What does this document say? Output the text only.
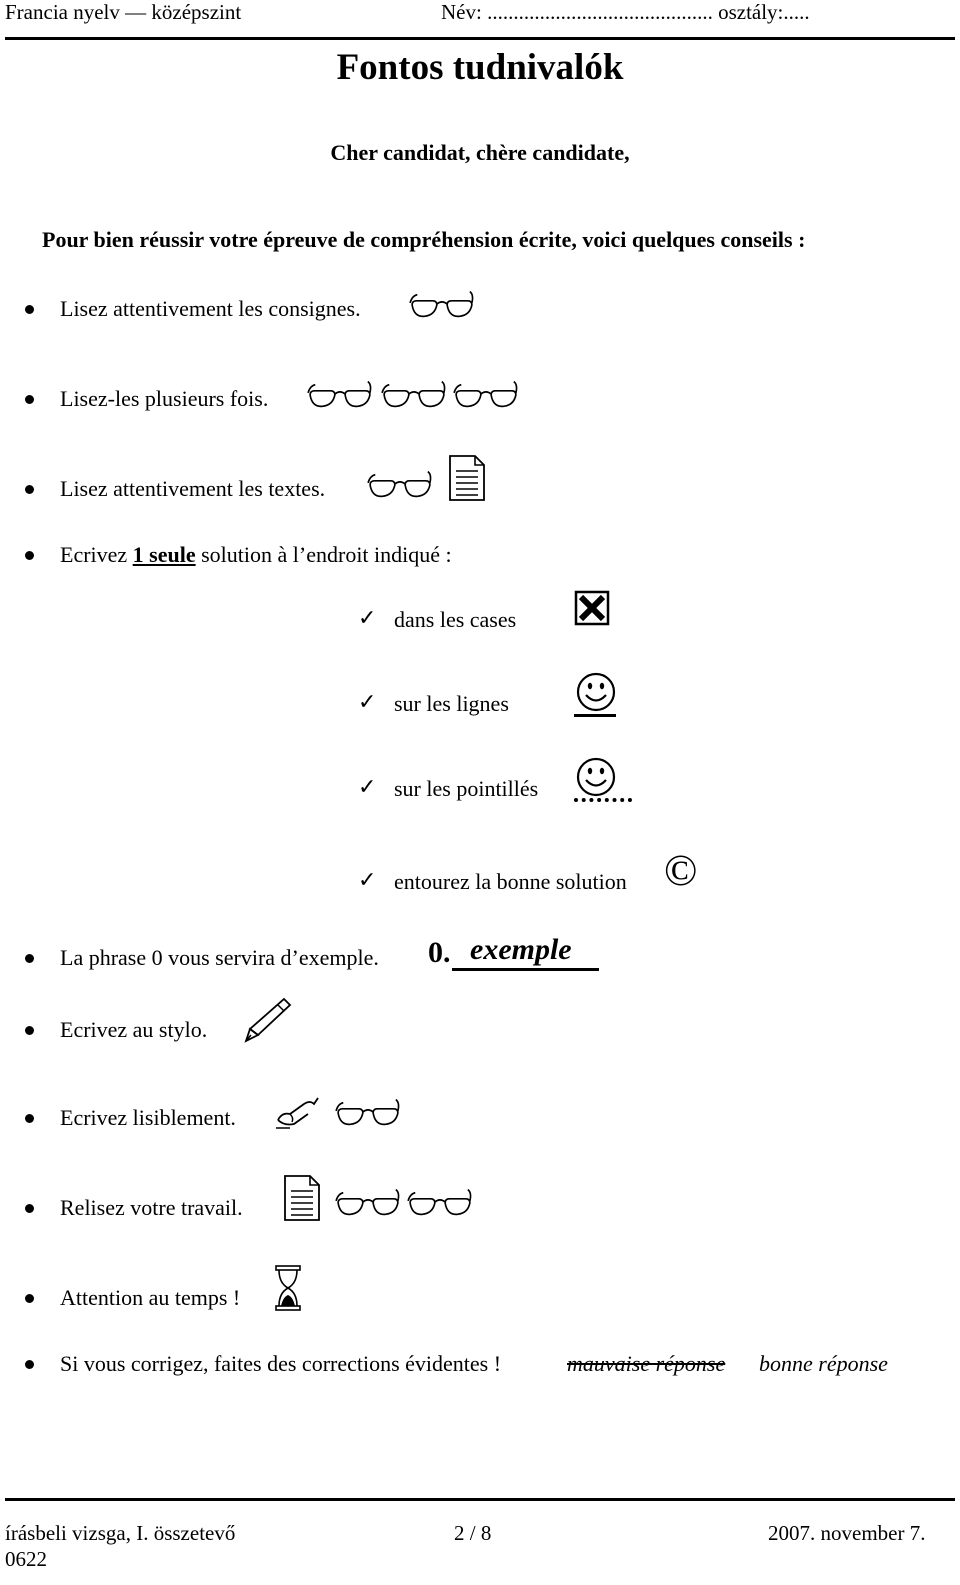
Francia nyelv — középszint	Név: ........................................... osztály:.....
Fontos tudnivalók
Cher candidat, chère candidate,
Pour bien réussir votre épreuve de compréhension écrite, voici quelques conseils :
Lisez attentivement les consignes.
Lisez-les plusieurs fois.
Lisez attentivement les textes.
Ecrivez 1 seule solution à l’endroit indiqué :
✓ dans les cases
✓ sur les lignes
✓ sur les pointillés
✓ entourez la bonne solution ©
La phrase 0 vous servira d’exemple. 0. exemple
Ecrivez au stylo.
Ecrivez lisiblement.
Relisez votre travail.
Attention au temps !
Si vous corrigez, faites des corrections évidentes !	mauvaise réponse bonne réponse
írásbeli vizsga, I. összetevő
0622
2 / 8	2007. november 7.
